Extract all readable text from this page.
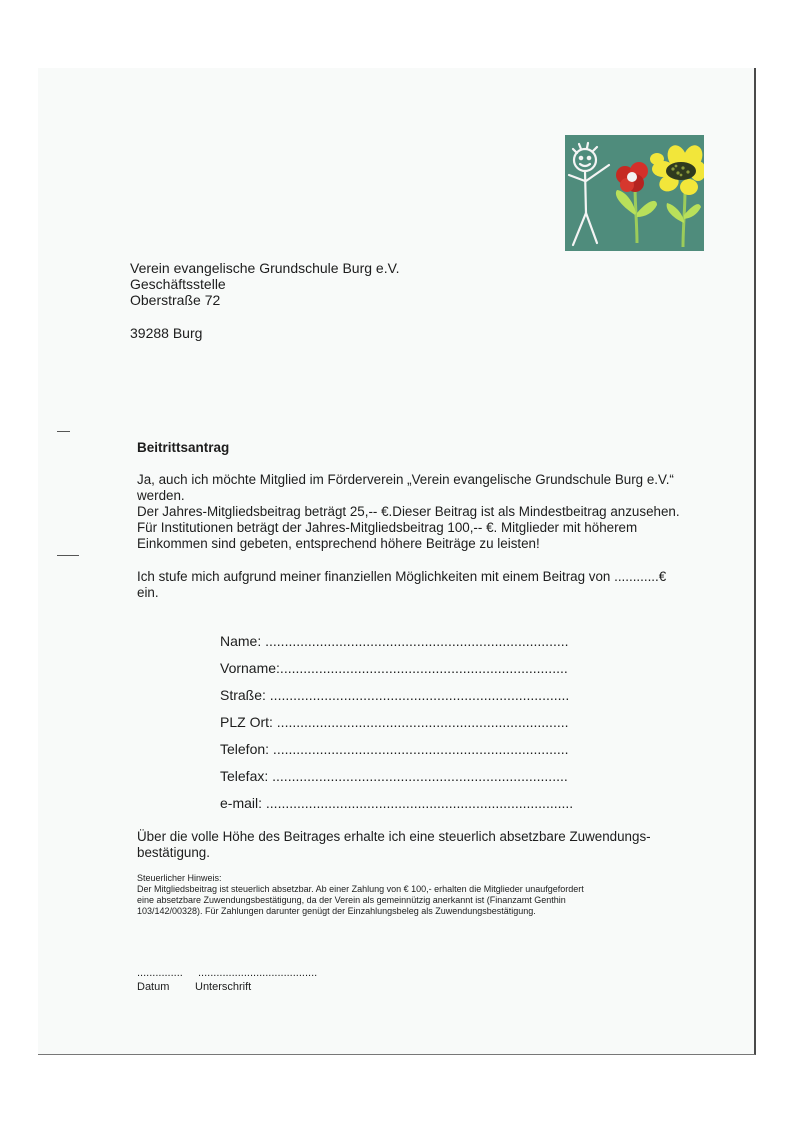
Verein evangelische Grundschule Burg e.V.
Geschäftsstelle
Oberstraße 72
39288 Burg
Beitrittsantrag
Ja, auch ich möchte Mitglied im Förderverein „Verein evangelische Grundschule Burg e.V.“
werden.
Der Jahres-Mitgliedsbeitrag beträgt 25,-- €.Dieser Beitrag ist als Mindestbeitrag anzusehen.
Für Institutionen beträgt der Jahres-Mitgliedsbeitrag 100,-- €. Mitglieder mit höherem
Einkommen sind gebeten, entsprechend höhere Beiträge zu leisten!
Ich stufe mich aufgrund meiner finanziellen Möglichkeiten mit einem Beitrag von ............€
ein.
Name: ..............................................................................
Vorname:..........................................................................
Straße: .............................................................................
PLZ Ort: ...........................................................................
Telefon: ............................................................................
Telefax: ............................................................................
e-mail: ...............................................................................
Über die volle Höhe des Beitrages erhalte ich eine steuerlich absetzbare Zuwendungs-
bestätigung.
Steuerlicher Hinweis:
Der Mitgliedsbeitrag ist steuerlich absetzbar. Ab einer Zahlung von € 100,- erhalten die Mitglieder unaufgefordert
eine absetzbare Zuwendungsbestätigung, da der Verein als gemeinnützig anerkannt ist (Finanzamt Genthin
103/142/00328). Für Zahlungen darunter genügt der Einzahlungsbeleg als Zuwendungsbestätigung.
............... .......................................
Datum Unterschrift
